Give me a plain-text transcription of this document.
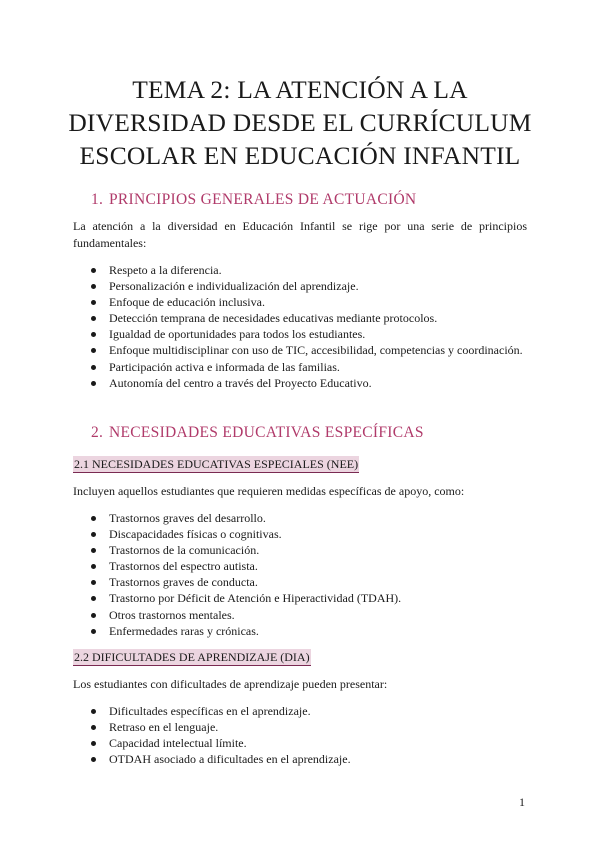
TEMA 2: LA ATENCIÓN A LA
DIVERSIDAD DESDE EL CURRÍCULUM
ESCOLAR EN EDUCACIÓN INFANTIL
1. PRINCIPIOS GENERALES DE ACTUACIÓN

La atención a la diversidad en Educación Infantil se rige por una serie de principios fundamentales:

Respeto a la diferencia.
Personalización e individualización del aprendizaje.
Enfoque de educación inclusiva.
Detección temprana de necesidades educativas mediante protocolos.
Igualdad de oportunidades para todos los estudiantes.
Enfoque multidisciplinar con uso de TIC, accesibilidad, competencias y coordinación.
Participación activa e informada de las familias.
Autonomía del centro a través del Proyecto Educativo.
2. NECESIDADES EDUCATIVAS ESPECÍFICAS
2.1 NECESIDADES EDUCATIVAS ESPECIALES (NEE)

Incluyen aquellos estudiantes que requieren medidas específicas de apoyo, como:

Trastornos graves del desarrollo.
Discapacidades físicas o cognitivas.
Trastornos de la comunicación.
Trastornos del espectro autista.
Trastornos graves de conducta.
Trastorno por Déficit de Atención e Hiperactividad (TDAH).
Otros trastornos mentales.
Enfermedades raras y crónicas.
2.2 DIFICULTADES DE APRENDIZAJE (DIA)

Los estudiantes con dificultades de aprendizaje pueden presentar:

Dificultades específicas en el aprendizaje.
Retraso en el lenguaje.
Capacidad intelectual límite.
OTDAH asociado a dificultades en el aprendizaje.
1
